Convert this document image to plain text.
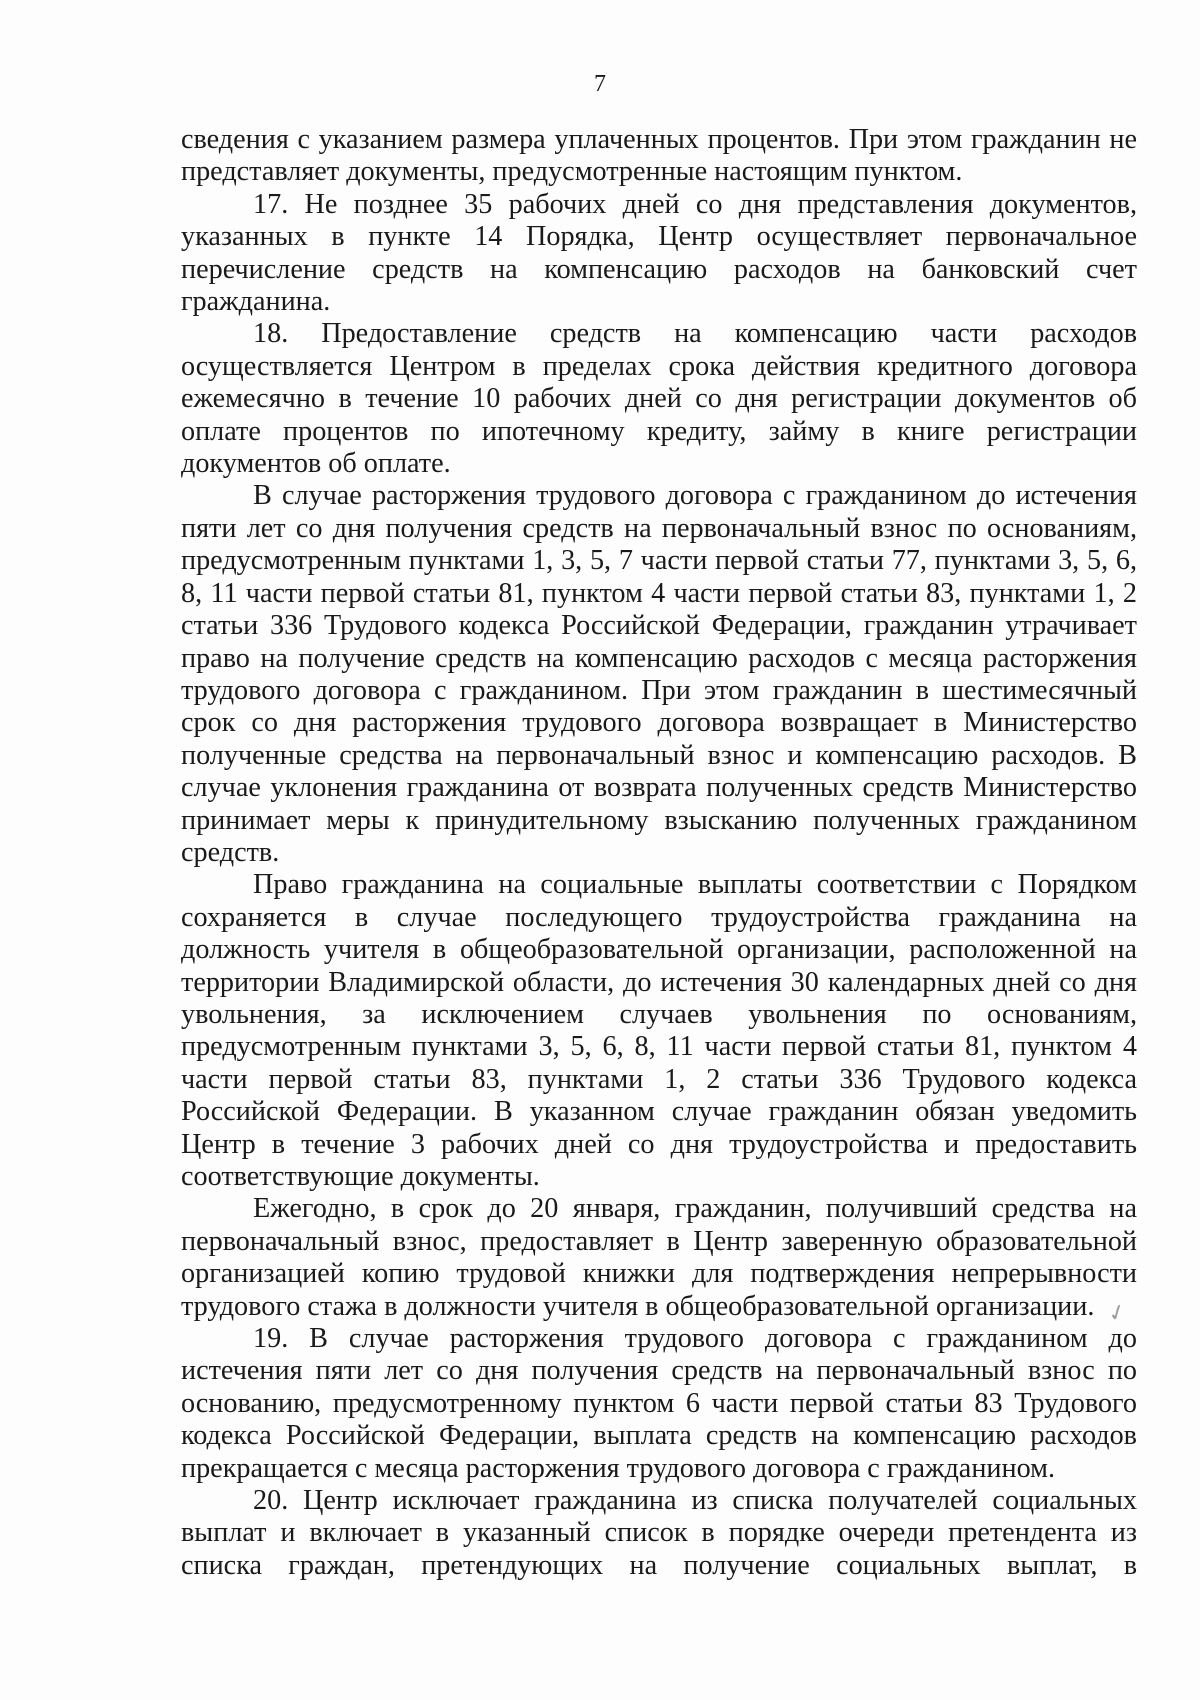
7

сведения с указанием размера уплаченных процентов. При этом гражданин не представляет документы, предусмотренные настоящим пунктом.

17. Не позднее 35 рабочих дней со дня представления документов, указанных в пункте 14 Порядка, Центр осуществляет первоначальное перечисление средств на компенсацию расходов на банковский счет гражданина.

18. Предоставление средств на компенсацию части расходов осуществляется Центром в пределах срока действия кредитного договора ежемесячно в течение 10 рабочих дней со дня регистрации документов об оплате процентов по ипотечному кредиту, займу в книге регистрации документов об оплате.

В случае расторжения трудового договора с гражданином до истечения пяти лет со дня получения средств на первоначальный взнос по основаниям, предусмотренным пунктами 1, 3, 5, 7 части первой статьи 77, пунктами 3, 5, 6, 8, 11 части первой статьи 81, пунктом 4 части первой статьи 83, пунктами 1, 2 статьи 336 Трудового кодекса Российской Федерации, гражданин утрачивает право на получение средств на компенсацию расходов с месяца расторжения трудового договора с гражданином. При этом гражданин в шестимесячный срок со дня расторжения трудового договора возвращает в Министерство полученные средства на первоначальный взнос и компенсацию расходов. В случае уклонения гражданина от возврата полученных средств Министерство принимает меры к принудительному взысканию полученных гражданином средств.

Право гражданина на социальные выплаты соответствии с Порядком сохраняется в случае последующего трудоустройства гражданина на должность учителя в общеобразовательной организации, расположенной на территории Владимирской области, до истечения 30 календарных дней со дня увольнения, за исключением случаев увольнения по основаниям, предусмотренным пунктами 3, 5, 6, 8, 11 части первой статьи 81, пунктом 4 части первой статьи 83, пунктами 1, 2 статьи 336 Трудового кодекса Российской Федерации. В указанном случае гражданин обязан уведомить Центр в течение 3 рабочих дней со дня трудоустройства и предоставить соответствующие документы.

Ежегодно, в срок до 20 января, гражданин, получивший средства на первоначальный взнос, предоставляет в Центр заверенную образовательной организацией копию трудовой книжки для подтверждения непрерывности трудового стажа в должности учителя в общеобразовательной организации.

19. В случае расторжения трудового договора с гражданином до истечения пяти лет со дня получения средств на первоначальный взнос по основанию, предусмотренному пунктом 6 части первой статьи 83 Трудового кодекса Российской Федерации, выплата средств на компенсацию расходов прекращается с месяца расторжения трудового договора с гражданином.

20. Центр исключает гражданина из списка получателей социальных выплат и включает в указанный список в порядке очереди претендента из списка граждан, претендующих на получение социальных выплат, в

✓
